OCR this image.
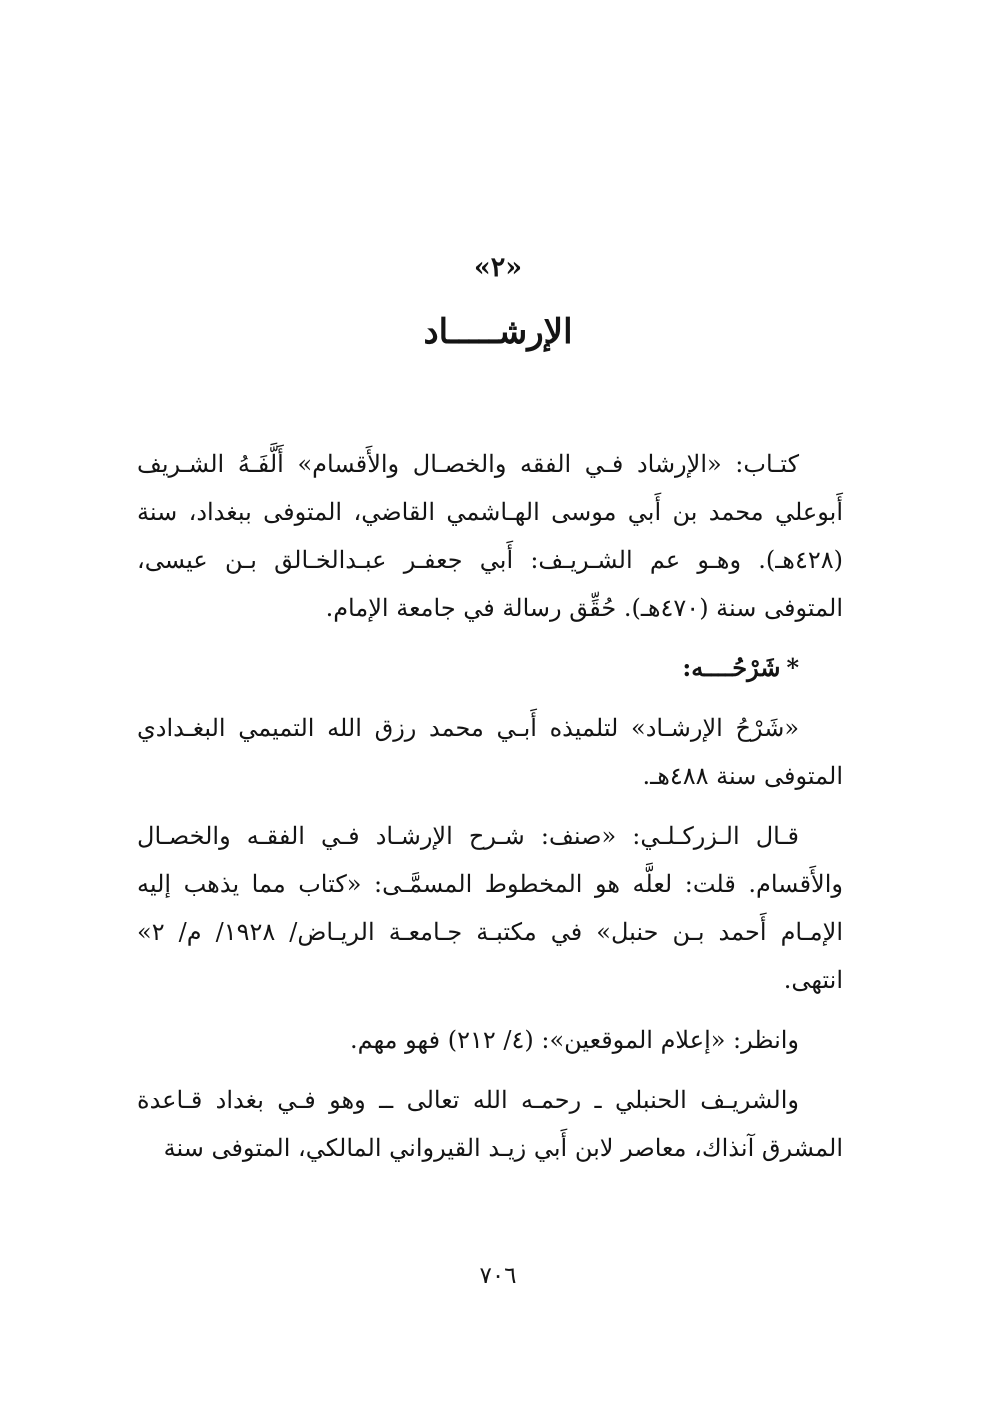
«٢»
الإرشـــــاد

كتـاب: «الإرشاد فـي الفقه والخصـال والأَقسام» أَلَّفَـهُ الشـريف أَبوعلي محمد بن أَبي موسى الهـاشمي القاضي، المتوفى ببغداد، سنة (٤٢٨هـ). وهـو عم الشـريـف: أَبي جعفـر عبـدالخـالق بـن عيسى، المتوفى سنة (٤٧٠هـ). حُقِّق رسالة في جامعة الإمام.

*شَرْحُــــه:

«شَرْحُ الإرشـاد» لتلميذه أَبـي محمد رزق الله التميمي البغـدادي المتوفى سنة ٤٨٨هـ.

قـال الـزركـلـي: «صنف: شـرح الإرشـاد فـي الفقـه والخصـال والأَقسام. قلت: لعلَّه هو المخطوط المسمَّـى: «كتاب مما يذهب إليه الإمـام أَحمد بـن حنبل» في مكتبـة جـامعـة الريـاض/ ١٩٢٨/ م/ ٢» انتهى.

وانظر: «إعلام الموقعين»: (٤/ ٢١٢) فهو مهم.

والشريـف الحنبلي ـ رحمـه الله تعالى ــ وهو فـي بغداد قـاعدة المشرق آنذاك، معاصر لابن أَبي زيـد القيرواني المالكي، المتوفى سنة

٧٠٦
